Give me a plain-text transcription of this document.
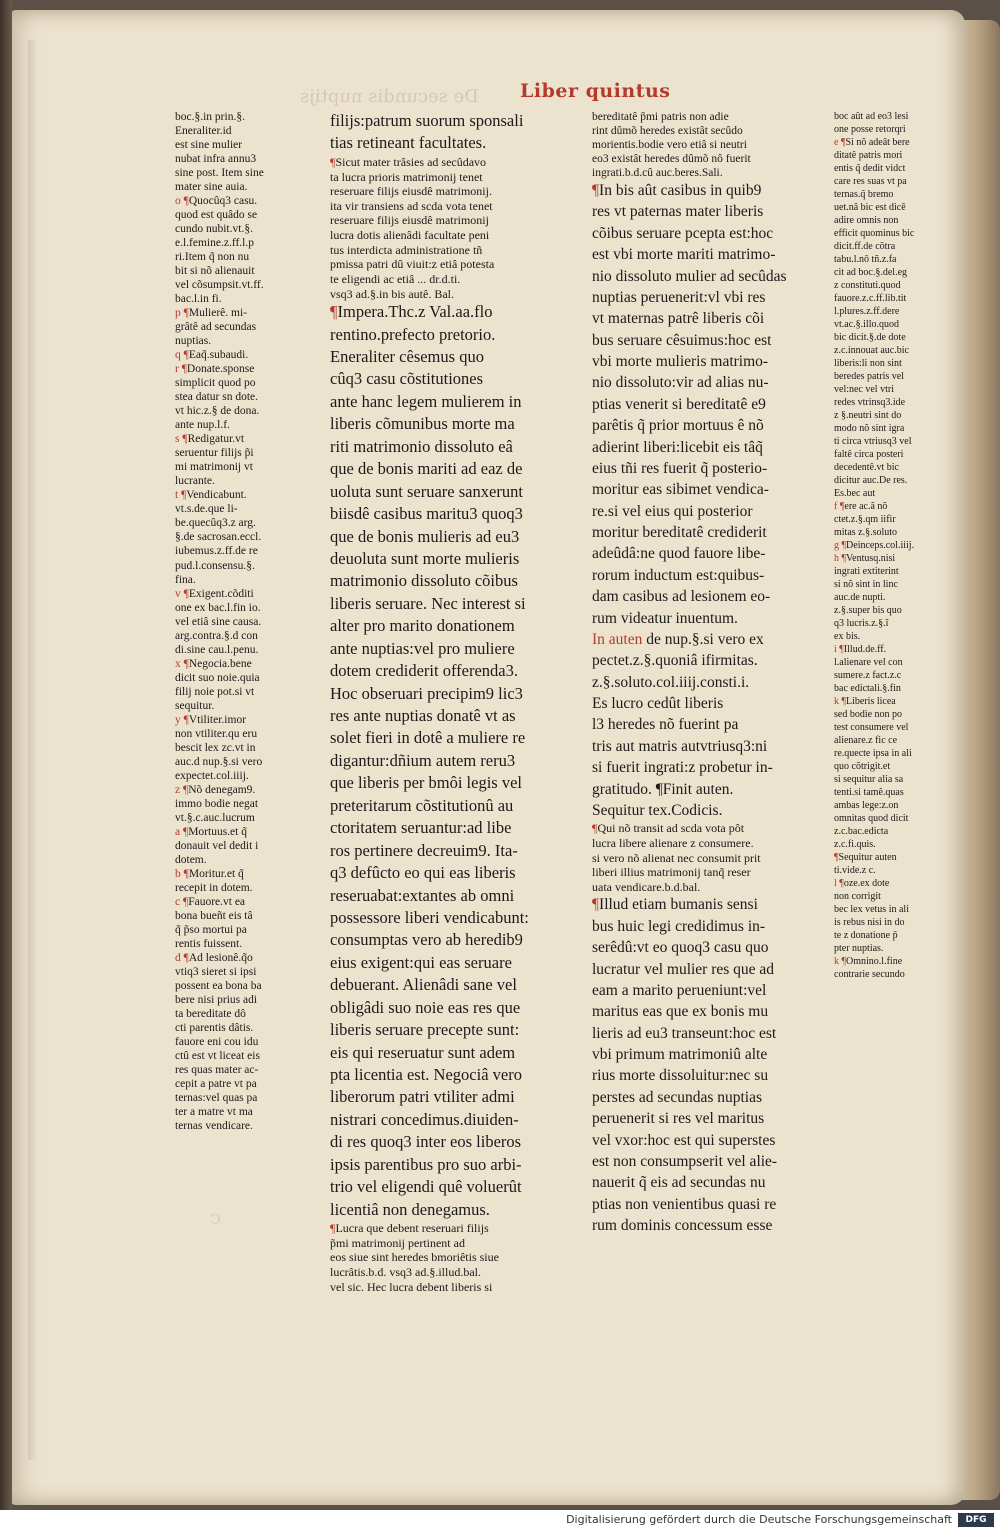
De secundis nuptijs Liber quintus
C
boc.§.in prin.§.
Eneraliter.id
est sine mulier
nubat infra annu3
sine post. Item sine
mater sine auia.
o ¶Quocûq3 casu.
quod est quâdo se
cundo nubit.vt.§.
e.l.femine.z.ff.l.p
ri.Item q̃ non nu
bit si nõ alienauit
vel cõsumpsit.vt.ff.
bac.l.in fi.
p ¶Mulierê. mi-
grâtê ad secundas
nuptias.
q ¶Eaq̃.subaudi.
r ¶Donate.sponse
simplicit quod po
stea datur sn dote.
vt hic.z.§ de dona.
ante nup.l.f.
s ¶Redigatur.vt
seruentur filijs p̃i
mi matrimonij vt
lucrante.
t ¶Vendicabunt.
vt.s.de.que li-
be.quecûq3.z arg.
§.de sacrosan.eccl.
iubemus.z.ff.de re
pud.l.consensu.§.
fina.
v ¶Exigent.cõditi
one ex bac.l.fin io.
vel etiâ sine causa.
arg.contra.§.d con
di.sine cau.l.penu.
x ¶Negocia.bene
dicit suo noie.quia
filij noie pot.si vt
sequitur.
y ¶Vtiliter.imor
non vtiliter.qu eru
bescit lex zc.vt in
auc.d nup.§.si vero
expectet.col.iiij.
z ¶Nõ denegam9.
immo bodie negat
vt.§.c.auc.lucrum
a ¶Mortuus.et q̃
donauit vel dedit i
dotem.
b ¶Moritur.et q̃
recepit in dotem.
c ¶Fauore.vt ea
bona bueñt eis tâ
q̃ p̃so mortui pa
rentis fuissent.
d ¶Ad lesionê.q̃o
vtiq3 sieret si ipsi
possent ea bona ba
bere nisi prius adi
ta bereditate dô
cti parentis dâtis.
fauore eni cou idu
ctû est vt liceat eis
res quas mater ac-
cepit a patre vt pa
ternas:vel quas pa
ter a matre vt ma
ternas vendicare.
filijs:patrum suorum sponsali
tias retineant facultates.
¶Sicut mater trâsies ad secûdavo
ta lucra prioris matrimonij tenet
reseruare filijs eiusdê matrimonij.
ita vir transiens ad scda vota tenet
reseruare filijs eiusdê matrimonij
lucra dotis alienâdi facultate peni
tus interdicta administratione tñ
pmissa patri dû viuit:z etiâ potesta
te eligendi ac etiâ ... dr.d.ti.
vsq3 ad.§.in bis autê. Bal.
¶Impera.Thc.z Val.aa.flo
rentino.prefecto pretorio.
Eneraliter cêsemus quo
cûq3 casu cõstitutiones
ante hanc legem mulierem in
liberis cõmunibus morte ma
riti matrimonio dissoluto eâ
que de bonis mariti ad eaz de
uoluta sunt seruare sanxerunt
biisdê casibus maritu3 quoq3
que de bonis mulieris ad eu3
deuoluta sunt morte mulieris
matrimonio dissoluto cõibus
liberis seruare. Nec interest si
alter pro marito donationem
ante nuptias:vel pro muliere
dotem crediderit offerenda3.
Hoc obseruari precipim9 lic3
res ante nuptias donatê vt as
solet fieri in dotê a muliere re
digantur:dñium autem reru3
que liberis per bmôi legis vel
preteritarum cõstitutionû au
ctoritatem seruantur:ad libe
ros pertinere decreuim9. Ita-
q3 defûcto eo qui eas liberis
reseruabat:extantes ab omni
possessore liberi vendicabunt:
consumptas vero ab heredib9
eius exigent:qui eas seruare
debuerant. Alienâdi sane vel
obligâdi suo noie eas res que
liberis seruare precepte sunt:
eis qui reseruatur sunt adem
pta licentia est. Negociâ vero
liberorum patri vtiliter admi
nistrari concedimus.diuiden-
di res quoq3 inter eos liberos
ipsis parentibus pro suo arbi-
trio vel eligendi quê voluerût
licentiâ non denegamus.
¶Lucra que debent reseruari filijs
p̃mi matrimonij pertinent ad
eos siue sint heredes bmoriêtis siue
lucrâtis.b.d. vsq3 ad.§.illud.bal.
vel sic. Hec lucra debent liberis si
bereditatê p̃mi patris non adie
rint dûmõ heredes existât secûdo
morientis.bodie vero etiâ si neutri
eo3 existât heredes dûmõ nô fuerit
ingrati.b.d.cû auc.beres.Sali.
¶In bis aût casibus in quib9
res vt paternas mater liberis
cõibus seruare pcepta est:hoc
est vbi morte mariti matrimo-
nio dissoluto mulier ad secûdas
nuptias peruenerit:vl vbi res
vt maternas patrê liberis cõi
bus seruare cêsuimus:hoc est
vbi morte mulieris matrimo-
nio dissoluto:vir ad alias nu-
ptias venerit si bereditatê e9
parêtis q̃ prior mortuus ê nõ
adierint liberi:licebit eis tâq̃
eius tñi res fuerit q̃ posterio-
moritur eas sibimet vendica-
re.si vel eius qui posterior
moritur bereditatê crediderit
adeûdâ:ne quod fauore libe-
rorum inductum est:quibus-
dam casibus ad lesionem eo-
rum videatur inuentum.
In auten de nup.§.si vero ex
pectet.z.§.quoniâ ifirmitas.
z.§.soluto.col.iiij.consti.i.
Es lucro cedût liberis
l3 heredes nõ fuerint pa
tris aut matris autvtriusq3:ni
si fuerit ingrati:z probetur in-
gratitudo. ¶Finit auten.
Sequitur tex.Codicis.
¶Qui nõ transit ad scda vota pôt
lucra libere alienare z consumere.
si vero nõ alienat nec consumit prit
liberi illius matrimonij tanq̃ reser
uata vendicare.b.d.bal.
¶Illud etiam bumanis sensi
bus huic legi credidimus in-
serêdû:vt eo quoq3 casu quo
lucratur vel mulier res que ad
eam a marito perueniunt:vel
maritus eas que ex bonis mu
lieris ad eu3 transeunt:hoc est
vbi primum matrimoniû alte
rius morte dissoluitur:nec su
perstes ad secundas nuptias
peruenerit si res vel maritus
vel vxor:hoc est qui superstes
est non consumpserit vel alie-
nauerit q̃ eis ad secundas nu
ptias non venientibus quasi re
rum dominis concessum esse
boc aût ad eo3 lesi
one posse retorqri
e ¶Si nõ adeât bere
ditatê patris mori
entis q̃ dedit vidct
care res suas vt pa
ternas.q̃ bremo
uet.nâ bic est dicê
adire omnis non
efficit quominus bic
dicit.ff.de cõtra
tabu.l.nô tñ.z.fa
cit ad boc.§.del.eg
z constituti.quod
fauore.z.c.ff.lib.tit
l.plures.z.ff.dere
vt.ac.§.illo.quod
bic dicit.§.de dote
z.c.innouat auc.bic
liberis:li non sint
beredes patris vel
vel:nec vel vtri
redes vtrinsq3.ide
z §.neutri sint do
modo nõ sint igra
ti circa vtriusq3 vel
faltê circa posteri
decedentê.vt bic
dicitur auc.De res.
Es.bec aut
f ¶ere ac.ã nõ
ctet.z.§.qm iifir
mitas z.§.soluto
g ¶Deinceps.col.iiij.
h ¶Ventusq.nisi
ingrati extiterint
si nõ sint in linc
auc.de nupti.
z.§.super bis quo
q3 lucris.z.§.ĩ
ex bis.
i ¶Illud.de.ff.
l.alienare vel con
sumere.z fact.z.c
bac edictali.§.fin
k ¶Liberis licea
sed bodie non po
test consumere vel
alienare.z fic ce
re.quecte ipsa in ali
quo cõtrigit.et
si sequitur alia sa
tenti.si tamê.quas
ambas lege:z.on
omnitas quod dicit
z.c.bac.edicta
z.c.fi.quis.
¶Sequitur auten
ti.vide.z c.
l ¶oze.ex dote
non corrigit
bec lex vetus in ali
is rebus nisi in do
te z donatione p̃
pter nuptias.
k ¶Omnino.l.fine
contrarie secundo
Digitalisierung gefördert durch die Deutsche Forschungsgemeinschaft	DFG
